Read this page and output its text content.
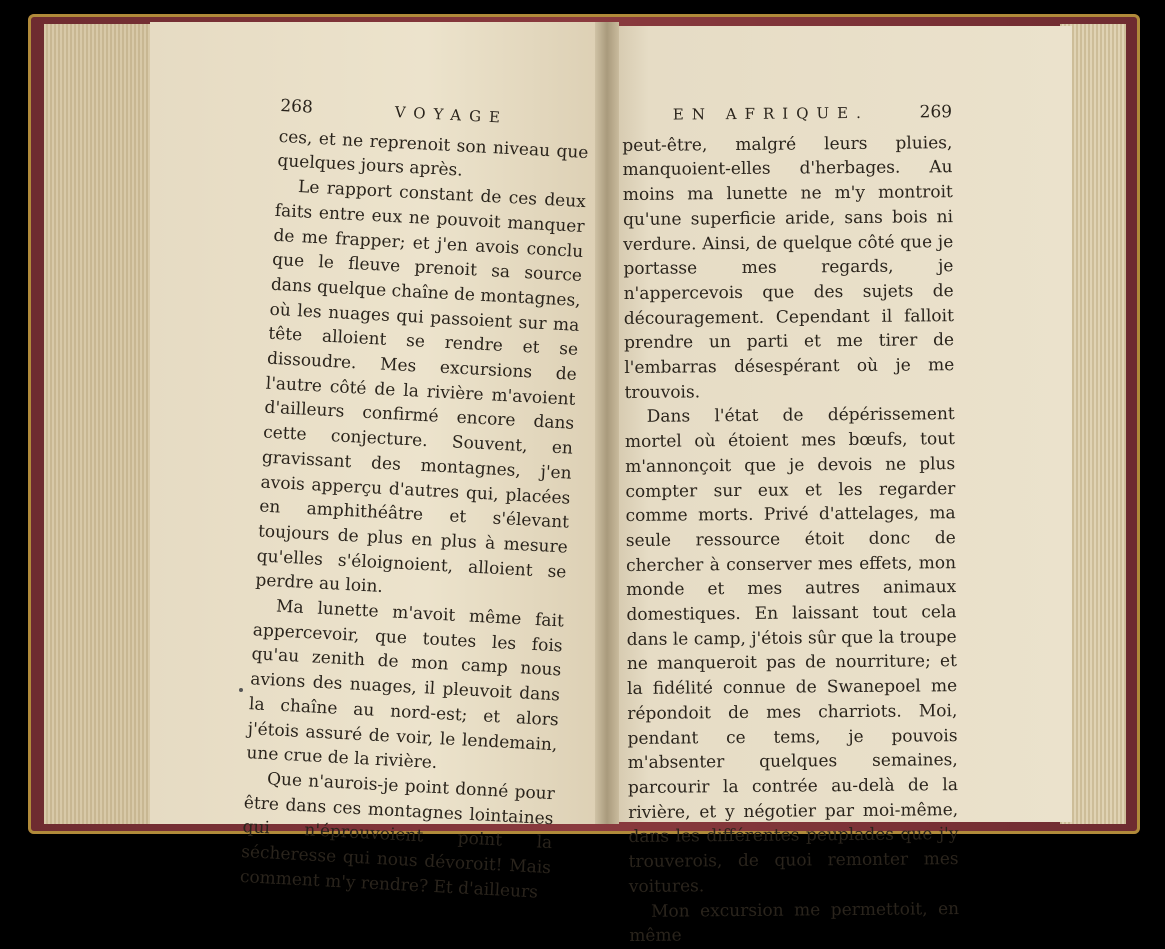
268	VOYAGE

ces, et ne reprenoit son niveau que quelques jours après.

Le rapport constant de ces deux faits entre eux ne pouvoit manquer de me frapper; et j'en avois conclu que le fleuve prenoit sa source dans quelque chaîne de montagnes, où les nuages qui passoient sur ma tête alloient se rendre et se dissoudre. Mes excursions de l'autre côté de la rivière m'avoient d'ailleurs confirmé encore dans cette conjecture. Souvent, en gravissant des montagnes, j'en avois apperçu d'autres qui, placées en amphithéâtre et s'élevant toujours de plus en plus à mesure qu'elles s'éloignoient, alloient se perdre au loin.

Ma lunette m'avoit même fait appercevoir, que toutes les fois qu'au zenith de mon camp nous avions des nuages, il pleuvoit dans la chaîne au nord-est; et alors j'étois assuré de voir, le lendemain, une crue de la rivière.

Que n'aurois-je point donné pour être dans ces montagnes lointaines qui n'éprouvoient point la sécheresse qui nous dévoroit! Mais comment m'y rendre? Et d'ailleurs

EN AFRIQUE.	269

peut-être, malgré leurs pluies, manquoient-elles d'herbages. Au moins ma lunette ne m'y montroit qu'une superficie aride, sans bois ni verdure. Ainsi, de quelque côté que je portasse mes regards, je n'appercevois que des sujets de découragement. Cependant il falloit prendre un parti et me tirer de l'embarras désespérant où je me trouvois.

Dans l'état de dépérissement mortel où étoient mes bœufs, tout m'annonçoit que je devois ne plus compter sur eux et les regarder comme morts. Privé d'attelages, ma seule ressource étoit donc de chercher à conserver mes effets, mon monde et mes autres animaux domestiques. En laissant tout cela dans le camp, j'étois sûr que la troupe ne manqueroit pas de nourriture; et la fidélité connue de Swanepoel me répondoit de mes charriots. Moi, pendant ce tems, je pouvois m'absenter quelques semaines, parcourir la contrée au-delà de la rivière, et y négotier par moi-même, dans les différentes peuplades que j'y trouverois, de quoi remonter mes voitures.

Mon excursion me permettoit, en même
